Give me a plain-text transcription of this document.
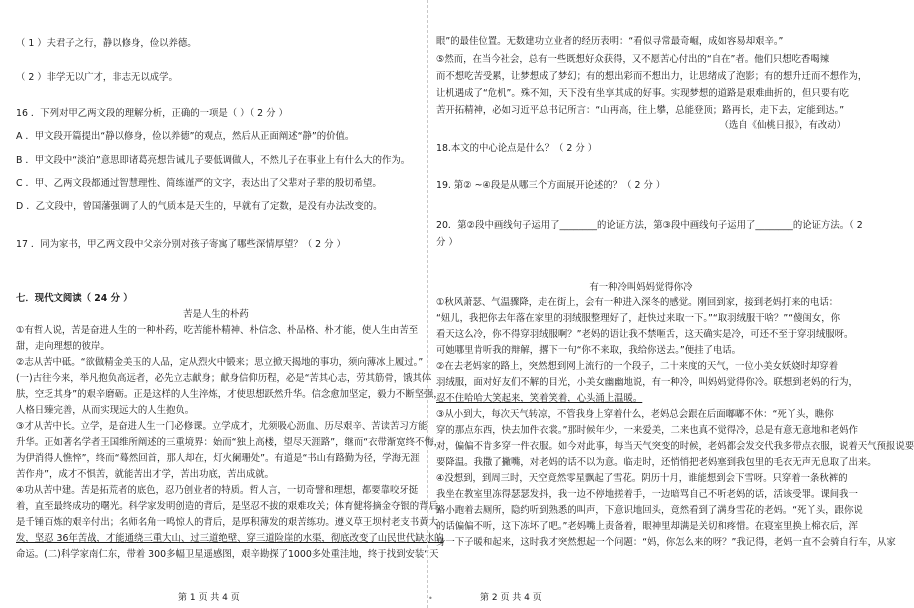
（ 1 ）夫君子之行，静以修身，俭以养德。
（ 2 ）非学无以广才，非志无以成学。
16 ．下列对甲乙两文段的理解分析，正确的一项是（ ）（ 2 分 ）
A ．甲文段开篇提出“静以修身，俭以养德”的观点，然后从正面阐述“静”的价值。
B ．甲文段中“淡泊”意思即诸葛亮想告诫儿子要低调做人，不然儿子在事业上有什么大的作为。
C ．甲、乙两文段都通过智慧理性、简练谨严的文字，表达出了父辈对子辈的殷切希望。
D ．乙文段中，曾国藩强调了人的气质本是天生的，早就有了定数，是没有办法改变的。
17 ．同为家书，甲乙两文段中父亲分别对孩子寄寓了哪些深情厚望？（ 2 分 ）
七．现代文阅读（ 24 分 ）
苦是人生的朴药
①有哲人说，苦是奋进人生的一种朴药，吃苦能朴精神、朴信念、朴品格、朴才能，使人生由苦至
甜，走向理想的彼岸。
②志从苦中砥。“欲做精金美玉的人品，定从烈火中锻来；思立掀天揭地的事功，须向薄冰上履过。”
(一)古往今来，举凡抱负高远者，必先立志献身；献身信仰历程，必是“苦其心志，劳其筋骨，饿其体
肤，空乏其身”的艰辛磨砺。正是这样的人生淬炼，才使思想跃然升华。信念愈加坚定，毅力不断坚强，
人格日臻完善，从而实现远大的人生抱负。
③才从苦中长。立学，是奋进人生一门必修课。立学成才，尤须吸心沥血、历尽艰辛、苦读苦习方能
升华。正如著名学者王国维所阐述的三重境界：始而“独上高楼，望尽天涯路”，继而“衣带渐宽终不悔，
为伊消得人憔悴”，终而“蓦然回首，那人却在，灯火阑珊处”。有道是“书山有路勤为径，学海无涯
苦作舟”，成才不惧苦，就能苦出才学，苦出功底，苦出成就。
④功从苦中建。苦是拓荒者的底色，忍乃创业者的特质。哲人言，一切奇譬和理想，都要靠咬牙挺
着，直至最终成功的曙光。科学家发明创造的背后，是坚忍不拔的艰难攻关；体育健将摘金夺银的背后，
是千锤百炼的艰辛付出；名师名角一鸣惊人的背后，是厚积薄发的艰苦练功。遵义草王坝村老支书黄大
发，坚忍 36年苦战，才能通绕三重大山、过三道绝壁、穿三道险崖的水渠，彻底改变了山民世代缺水的
命运。(二)科学家南仁东，带着 300多幅卫星遥感图，艰辛勘探了1000多处重洼地，终于找到安装“天
第 1 页 共 4 页	•
眼”的最佳位置。无数建功立业者的经历表明：“看似寻常最奇崛，成如容易却艰辛。”
⑤然而，在当今社会，总有一些既想好众获得，又不愿苦心付出的“自在”者。他们只想吃香喝辣
而不想吃苦受累，让梦想成了梦幻；有的想出彩而不想出力，让思绪成了泡影；有的想升迁而不想作为，
让机遇成了“危机”。殊不知，天下没有坐享其成的好事。实现梦想的道路是艰难曲折的，但只要有吃
苦开拓精神，必如习近平总书记所言：“山再高，往上攀，总能登顶；路再长，走下去，定能到达。”
（选自《仙桃日报》，有改动）
18.本文的中心论点是什么？（ 2 分 ）
19. 第② ~④段是从哪三个方面展开论述的？（ 2 分 ）
20．第②段中画线句子运用了________的论证方法，第③段中画线句子运用了________的论证方法。（ 2
分 ）
有一种冷叫妈妈觉得你冷
①秋风萧瑟、气温骤降，走在街上，会有一种进入深冬的感觉。刚回到家，接到老妈打来的电话：
“妞儿，我把你去年落在家里的羽绒服整理好了，赶快过来取一下。”“取羽绒服干啥？”“傻闺女，你
看天这么冷，你不得穿羽绒服啊？”老妈的语让我不禁咂舌，这天确实是冷，可还不至于穿羽绒服呀。
可她哪里肯听我的辩解，撂下一句“你不来取，我给你送去。”便挂了电话。
②在去老妈家的路上，突然想到网上流行的一个段子，二十来度的天气，一位小美女妖娆时却穿着
羽绒服，面对好友们不解的目光，小美女幽幽地说，有一种冷，叫妈妈觉得你冷。联想到老妈的行为，
忍不住哈哈大笑起来，笑着笑着，心头涌上温暖。
③从小到大，每次天气转凉，不管我身上穿着什么，老妈总会跟在后面嘟嘟不休：“死丫头，瞧你
穿的那点东西，快去加件衣裳。”那时候年少，一来爱美，二来也真不觉得冷，总是有意无意地和老妈作
对，偏偏不肯多穿一件衣服。如今对此事，每当天气突变的时候，老妈都会发交代我多带点衣服，说着天气预报说要
要降温。我撒了撇嘴，对老妈的话不以为意。临走时，还悄悄把老妈塞到我包里的毛衣无声无息取了出来。
④没想到，到周三时，天空竟然零星飘起了雪花。阴历十月，谁能想到会下雪呀。只穿着一条秋裤的
我坐在教室里冻得瑟瑟发抖，我一边不停地搓着手，一边暗骂自己不听老妈的话，活该受罪。课间我一
路小跑着去厕所，隐约听到熟悉的叫声，下意识地回头，竟然看到了满身雪花的老妈。“死丫头，跟你说
的话偏偏不听，这下冻坏了吧。”老妈嘴上责备着，眼神里却满是关切和疼惜。在寝室里换上棉衣后，浑
身一下子暖和起来，这时我才突然想起一个问题：“妈，你怎么来的呀？”我记得，老妈一直不会骑自行车，从家
第 2 页 共 4 页
